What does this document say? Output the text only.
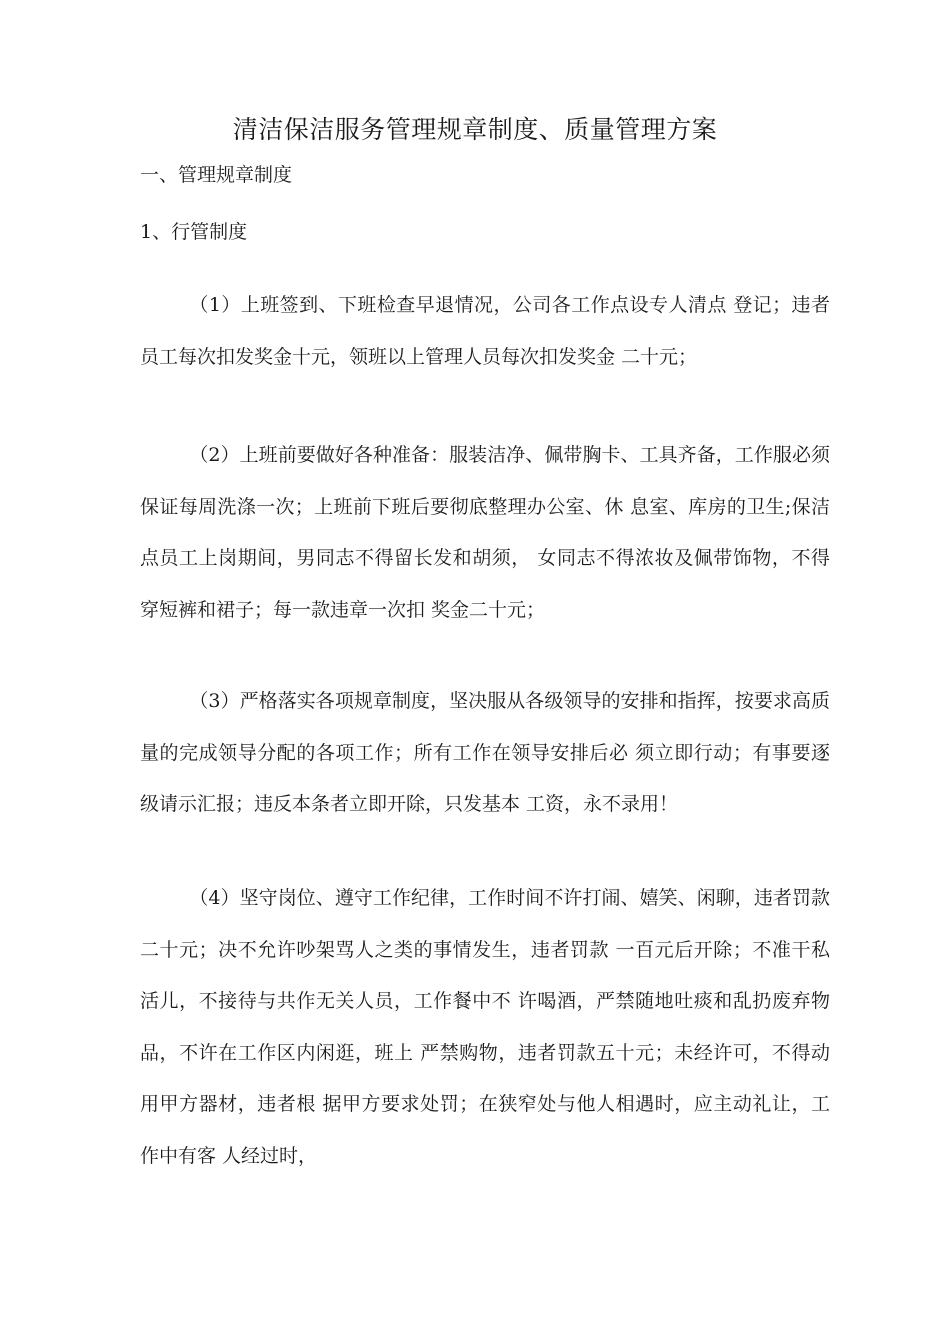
清洁保洁服务管理规章制度、质量管理方案
一、管理规章制度
1、行管制度

（1）上班签到、下班检查早退情况，公司各工作点设专人清点 登记；违者员工每次扣发奖金十元，领班以上管理人员每次扣发奖金 二十元；

（2）上班前要做好各种准备：服装洁净、佩带胸卡、工具齐备，工作服必须保证每周洗涤一次；上班前下班后要彻底整理办公室、休 息室、库房的卫生;保洁点员工上岗期间，男同志不得留长发和胡须， 女同志不得浓妆及佩带饰物，不得穿短裤和裙子；每一款违章一次扣 奖金二十元；

（3）严格落实各项规章制度，坚决服从各级领导的安排和指挥，按要求高质量的完成领导分配的各项工作；所有工作在领导安排后必 须立即行动；有事要逐级请示汇报；违反本条者立即开除，只发基本 工资，永不录用！

（4）坚守岗位、遵守工作纪律，工作时间不许打闹、嬉笑、闲聊，违者罚款二十元；决不允许吵架骂人之类的事情发生，违者罚款 一百元后开除；不准干私活儿，不接待与共作无关人员，工作餐中不 许喝酒，严禁随地吐痰和乱扔废弃物品，不许在工作区内闲逛，班上 严禁购物，违者罚款五十元；未经许可，不得动用甲方器材，违者根 据甲方要求处罚；在狭窄处与他人相遇时，应主动礼让，工作中有客 人经过时，
